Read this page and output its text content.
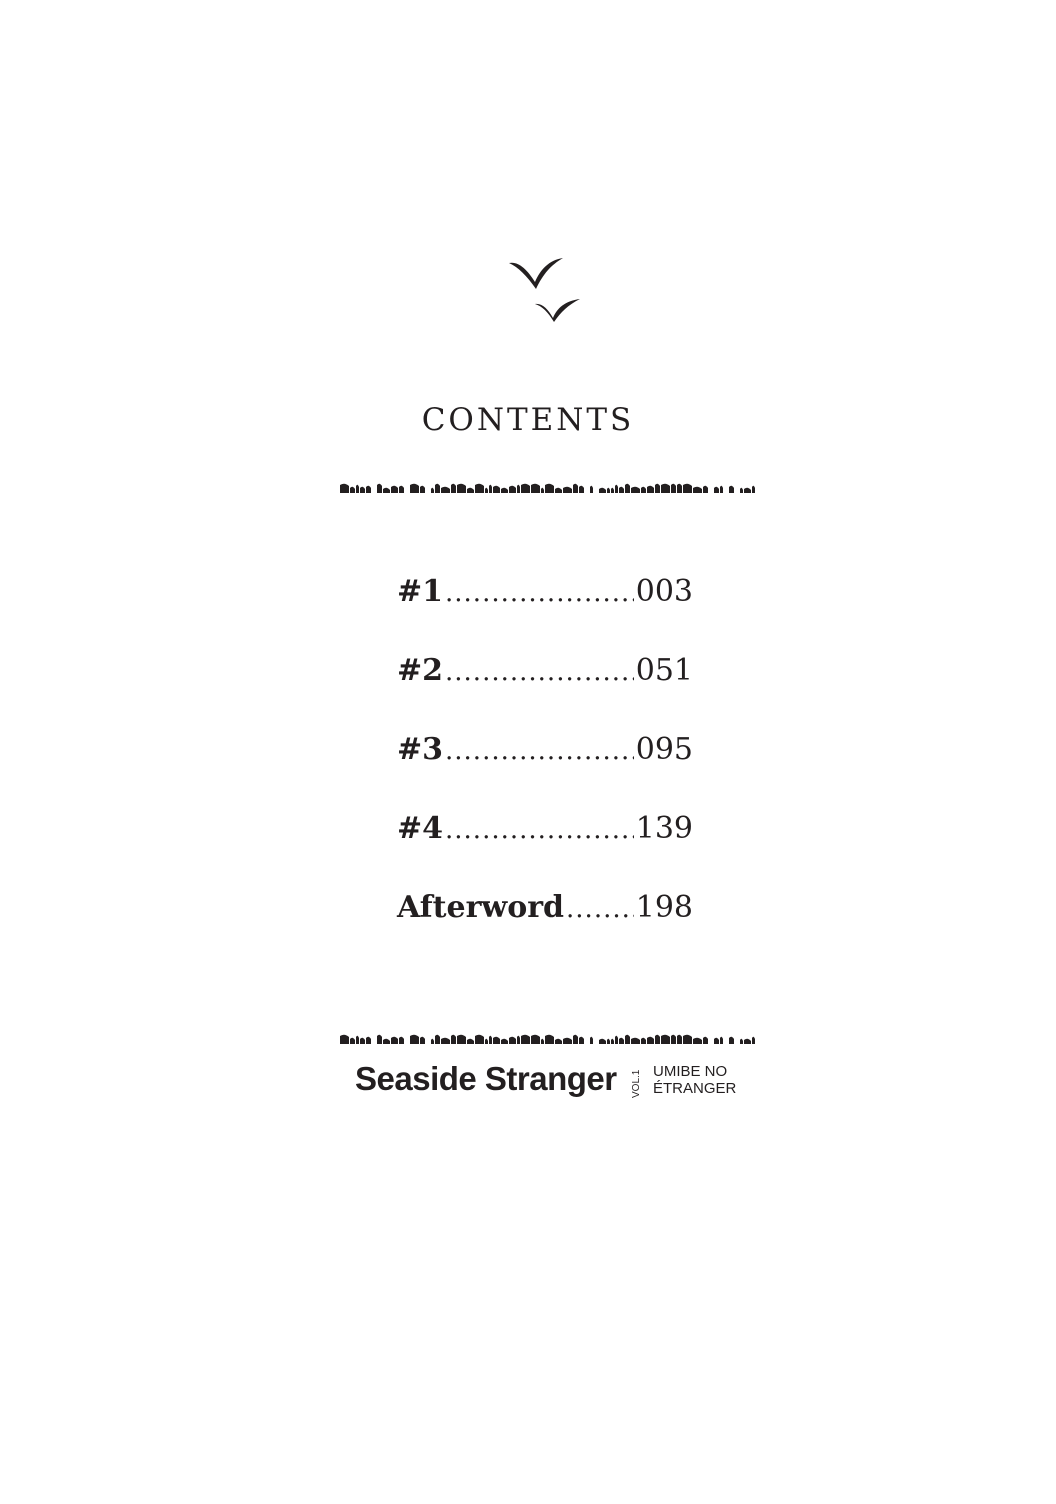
CONTENTS
#1 .....	003
#2 .....	051
#3 .....	095
#4 .....	139
Afterword ..... 198
Seaside Stranger VOL.1 UMIBE NO
ÉTRANGER
